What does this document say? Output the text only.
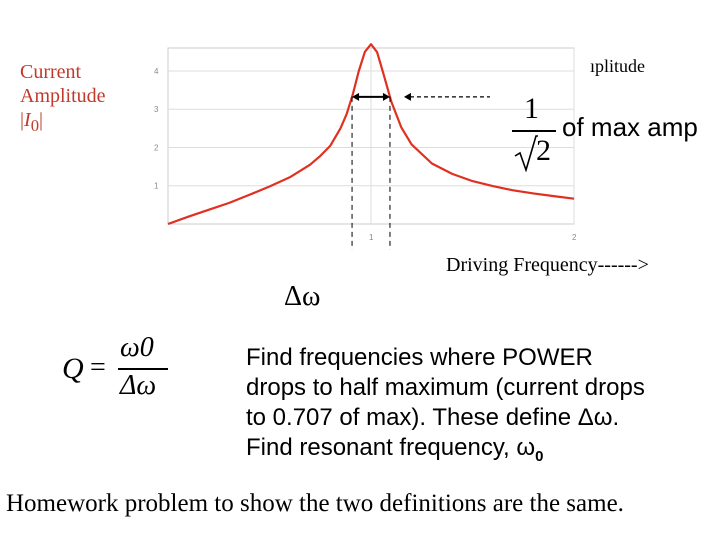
Current
Amplitude
$|I_0|$
1
2
3
4
1	2
ıplitude
1
2
of max amp
Driving Frequency------>
Δω
Q =
ω0
Δω
Find frequencies where POWER
drops to half maximum (current drops
to 0.707 of max). These define Δω.
Find resonant frequency, $\omega_0$
Homework problem to show the two definitions are the same.
